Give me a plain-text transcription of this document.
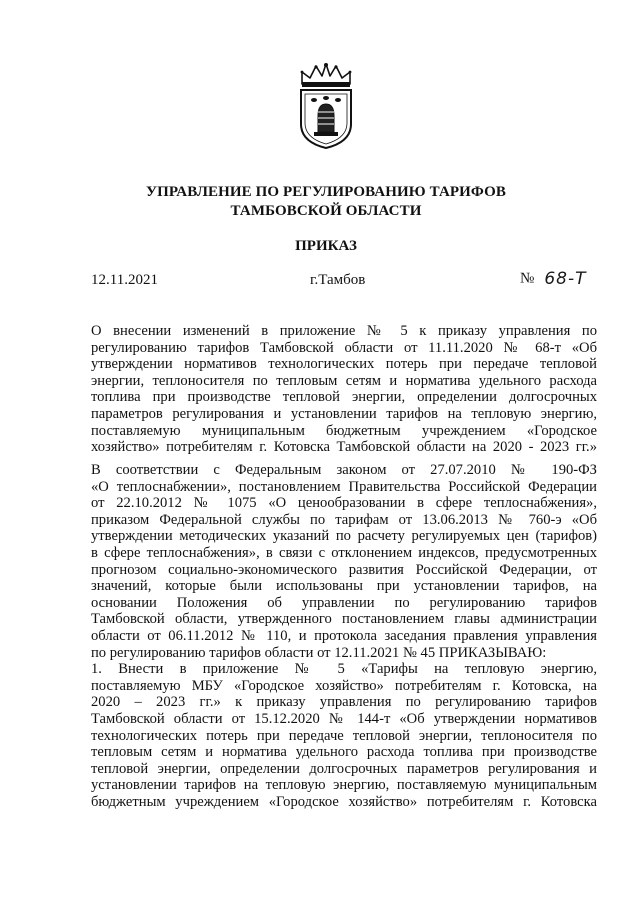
УПРАВЛЕНИЕ ПО РЕГУЛИРОВАНИЮ ТАРИФОВ
ТАМБОВСКОЙ ОБЛАСТИ
ПРИКАЗ
12.11.2021	г.Тамбов	№ 68-Т
О внесении изменений в приложение № 5 к приказу управления по
регулированию тарифов Тамбовской области от 11.11.2020 № 68-т «Об
утверждении нормативов технологических потерь при передаче тепловой
энергии, теплоносителя по тепловым сетям и норматива удельного расхода
топлива при производстве тепловой энергии, определении долгосрочных
параметров регулирования и установлении тарифов на тепловую энергию,
поставляемую муниципальным бюджетным учреждением «Городское
хозяйство» потребителям г. Котовска Тамбовской области на 2020 - 2023 гг.»
В соответствии с Федеральным законом от 27.07.2010 № 190-ФЗ
«О теплоснабжении», постановлением Правительства Российской Федерации
от 22.10.2012 № 1075 «О ценообразовании в сфере теплоснабжения»,
приказом Федеральной службы по тарифам от 13.06.2013 № 760-э «Об
утверждении методических указаний по расчету регулируемых цен (тарифов)
в сфере теплоснабжения», в связи с отклонением индексов, предусмотренных
прогнозом социально-экономического развития Российской Федерации, от
значений, которые были использованы при установлении тарифов, на
основании Положения об управлении по регулированию тарифов
Тамбовской области, утвержденного постановлением главы администрации
области от 06.11.2012 № 110, и протокола заседания правления управления
по регулированию тарифов области от 12.11.2021 № 45 ПРИКАЗЫВАЮ:
1. Внести в приложение № 5 «Тарифы на тепловую энергию,
поставляемую МБУ «Городское хозяйство» потребителям г. Котовска, на
2020 – 2023 гг.» к приказу управления по регулированию тарифов
Тамбовской области от 15.12.2020 № 144-т «Об утверждении нормативов
технологических потерь при передаче тепловой энергии, теплоносителя по
тепловым сетям и норматива удельного расхода топлива при производстве
тепловой энергии, определении долгосрочных параметров регулирования и
установлении тарифов на тепловую энергию, поставляемую муниципальным
бюджетным учреждением «Городское хозяйство» потребителям г. Котовска
